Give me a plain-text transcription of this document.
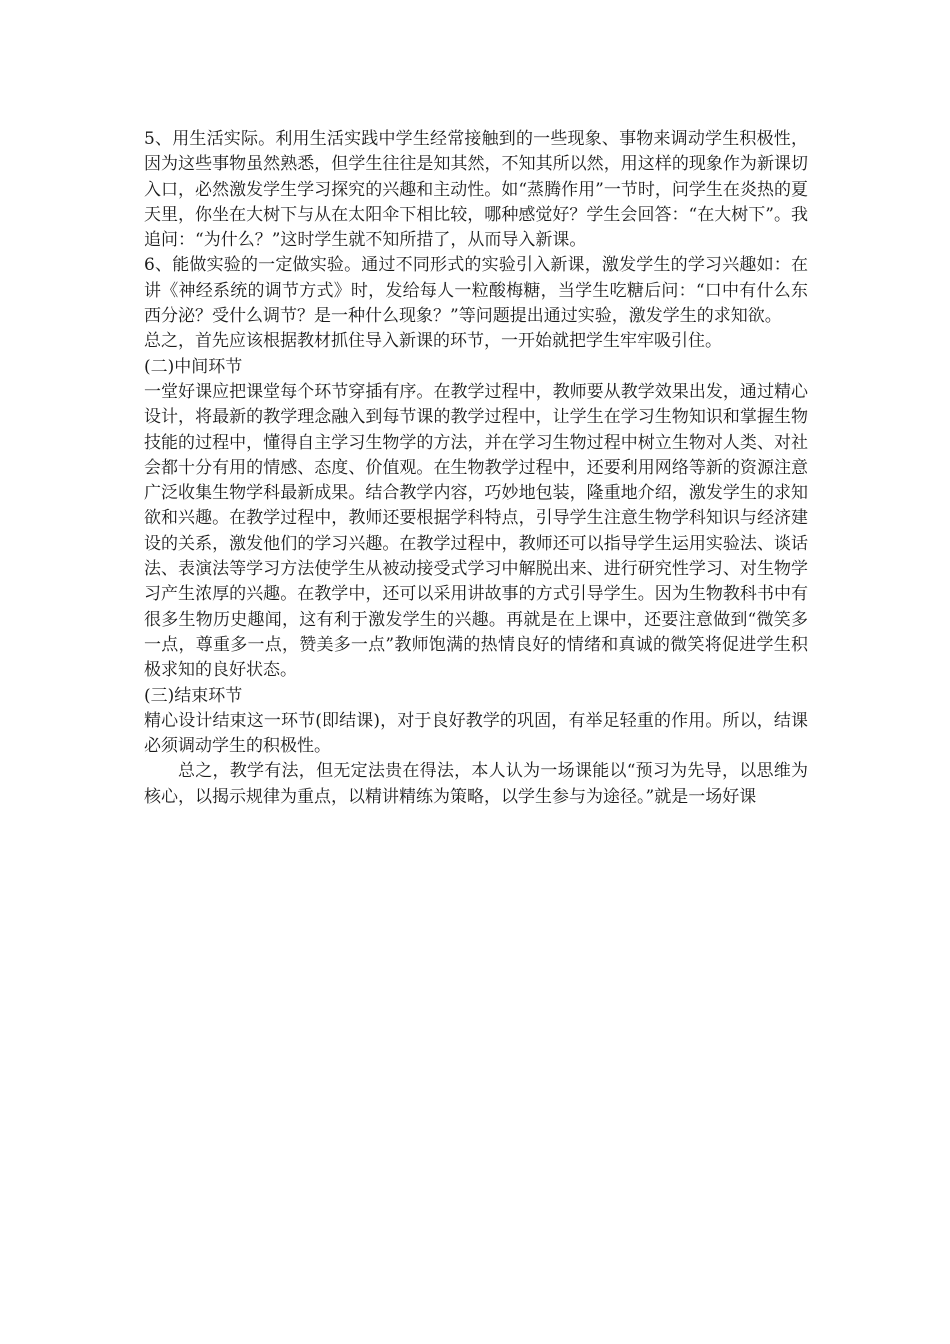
5、用生活实际。利用生活实践中学生经常接触到的一些现象、事物来调动学生积极性，因为这些事物虽然熟悉，但学生往往是知其然，不知其所以然，用这样的现象作为新课切入口，必然激发学生学习探究的兴趣和主动性。如“蒸腾作用”一节时，问学生在炎热的夏天里，你坐在大树下与从在太阳伞下相比较，哪种感觉好？学生会回答：“在大树下”。我追问：“为什么？”这时学生就不知所措了，从而导入新课。

6、能做实验的一定做实验。通过不同形式的实验引入新课，激发学生的学习兴趣如：在讲《神经系统的调节方式》时，发给每人一粒酸梅糖，当学生吃糖后问：“口中有什么东西分泌？受什么调节？是一种什么现象？”等问题提出通过实验，激发学生的求知欲。

总之，首先应该根据教材抓住导入新课的环节，一开始就把学生牢牢吸引住。

(二)中间环节

一堂好课应把课堂每个环节穿插有序。在教学过程中，教师要从教学效果出发，通过精心设计，将最新的教学理念融入到每节课的教学过程中，让学生在学习生物知识和掌握生物技能的过程中，懂得自主学习生物学的方法，并在学习生物过程中树立生物对人类、对社会都十分有用的情感、态度、价值观。在生物教学过程中，还要利用网络等新的资源注意广泛收集生物学科最新成果。结合教学内容，巧妙地包装，隆重地介绍，激发学生的求知欲和兴趣。在教学过程中，教师还要根据学科特点，引导学生注意生物学科知识与经济建设的关系，激发他们的学习兴趣。在教学过程中，教师还可以指导学生运用实验法、谈话法、表演法等学习方法使学生从被动接受式学习中解脱出来、进行研究性学习、对生物学习产生浓厚的兴趣。在教学中，还可以采用讲故事的方式引导学生。因为生物教科书中有很多生物历史趣闻，这有利于激发学生的兴趣。再就是在上课中，还要注意做到“微笑多一点，尊重多一点，赞美多一点”教师饱满的热情良好的情绪和真诚的微笑将促进学生积极求知的良好状态。

(三)结束环节

精心设计结束这一环节(即结课)，对于良好教学的巩固，有举足轻重的作用。所以，结课必须调动学生的积极性。

总之，教学有法，但无定法贵在得法，本人认为一场课能以“预习为先导，以思维为核心，以揭示规律为重点，以精讲精练为策略，以学生参与为途径。”就是一场好课
